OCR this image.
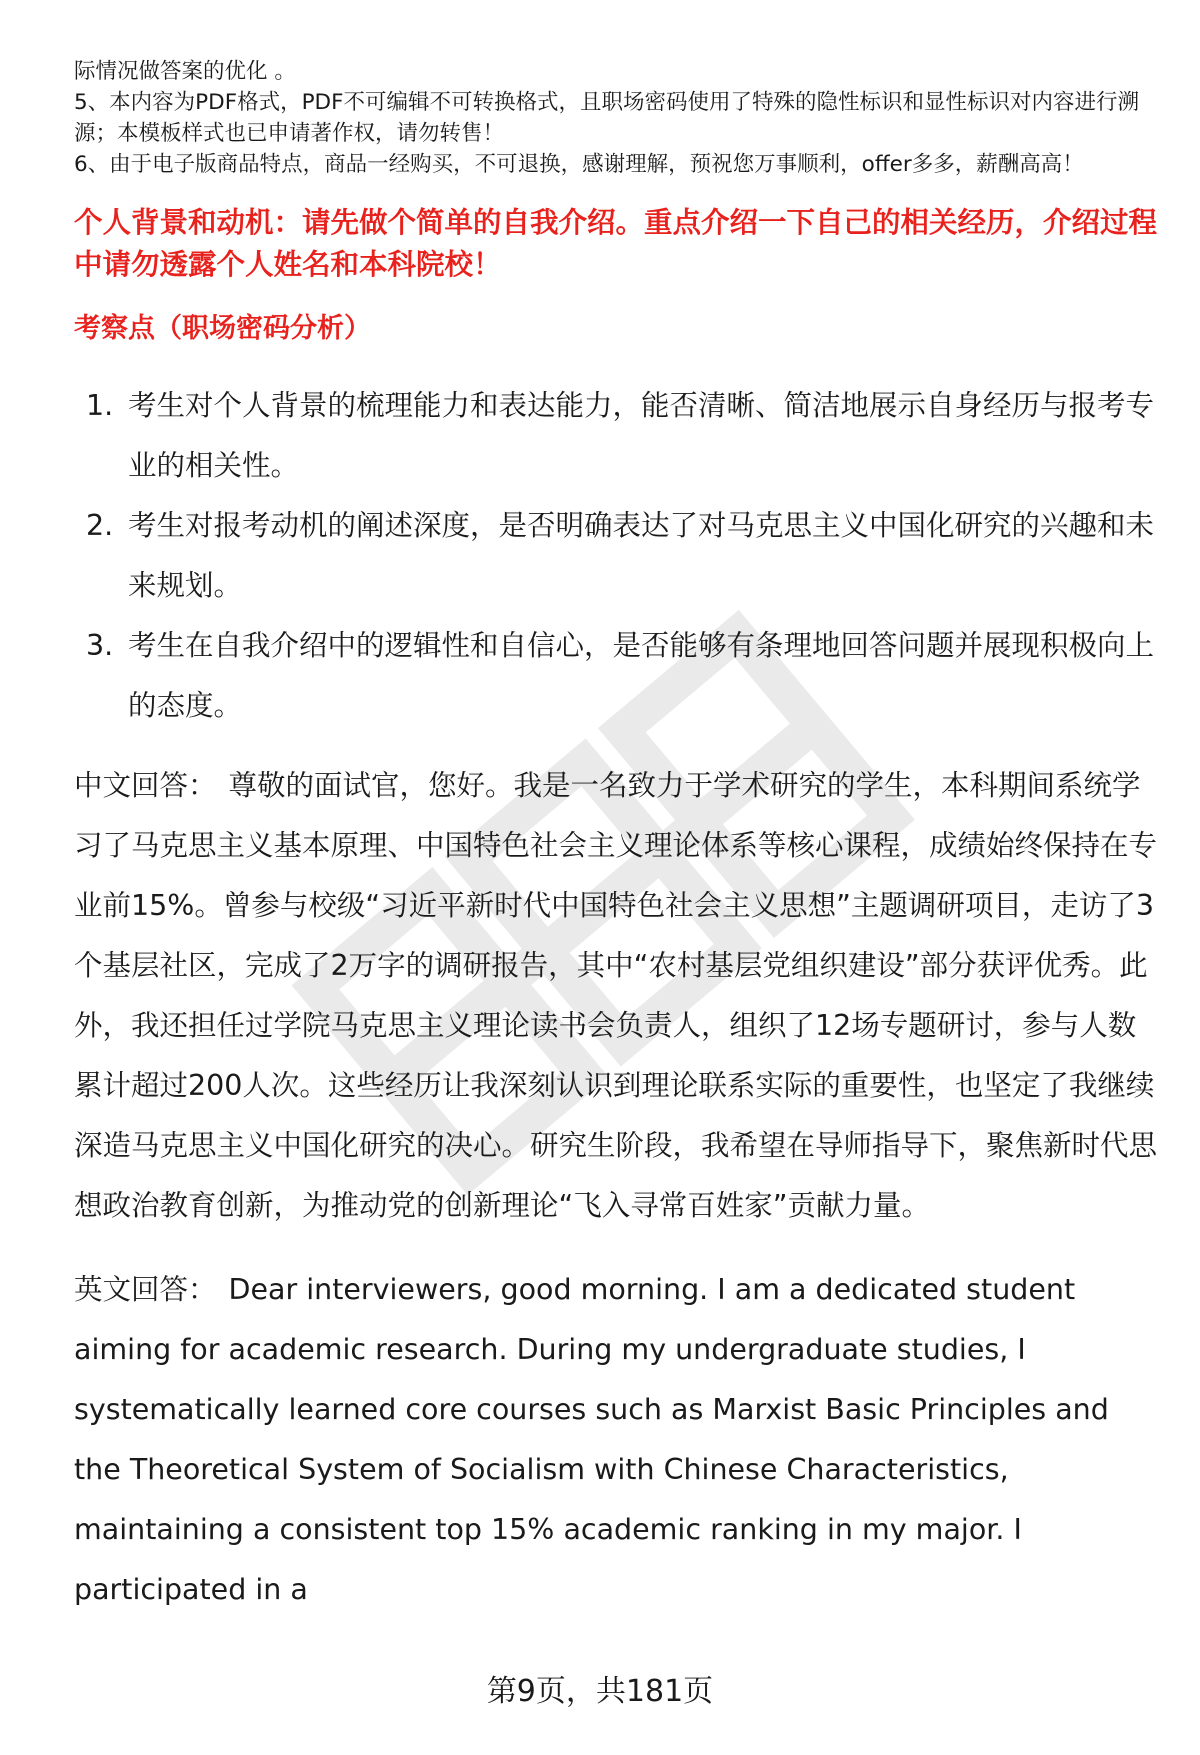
际情况做答案的优化 。

5、本内容为PDF格式，PDF不可编辑不可转换格式，且职场密码使用了特殊的隐性标识和显性标识对内容进行溯源；本模板样式也已申请著作权，请勿转售！

6、由于电子版商品特点，商品一经购买，不可退换，感谢理解，预祝您万事顺利，offer多多，薪酬高高！

个人背景和动机：请先做个简单的自我介绍。重点介绍一下自己的相关经历，介绍过程中请勿透露个人姓名和本科院校！
考察点（职场密码分析）
1. 考生对个人背景的梳理能力和表达能力，能否清晰、简洁地展示自身经历与报考专业的相关性。
2. 考生对报考动机的阐述深度，是否明确表达了对马克思主义中国化研究的兴趣和未来规划。
3. 考生在自我介绍中的逻辑性和自信心，是否能够有条理地回答问题并展现积极向上的态度。
中文回答： 尊敬的面试官，您好。我是一名致力于学术研究的学生，本科期间系统学习了马克思主义基本原理、中国特色社会主义理论体系等核心课程，成绩始终保持在专业前15%。曾参与校级“习近平新时代中国特色社会主义思想”主题调研项目，走访了3个基层社区，完成了2万字的调研报告，其中“农村基层党组织建设”部分获评优秀。此外，我还担任过学院马克思主义理论读书会负责人，组织了12场专题研讨，参与人数累计超过200人次。这些经历让我深刻认识到理论联系实际的重要性，也坚定了我继续深造马克思主义中国化研究的决心。研究生阶段，我希望在导师指导下，聚焦新时代思想政治教育创新，为推动党的创新理论“飞入寻常百姓家”贡献力量。
英文回答： Dear interviewers, good morning. I am a dedicated student aiming for academic research. During my undergraduate studies, I systematically learned core courses such as Marxist Basic Principles and the Theoretical System of Socialism with Chinese Characteristics, maintaining a consistent top 15% academic ranking in my major. I participated in a
第9页，共181页
